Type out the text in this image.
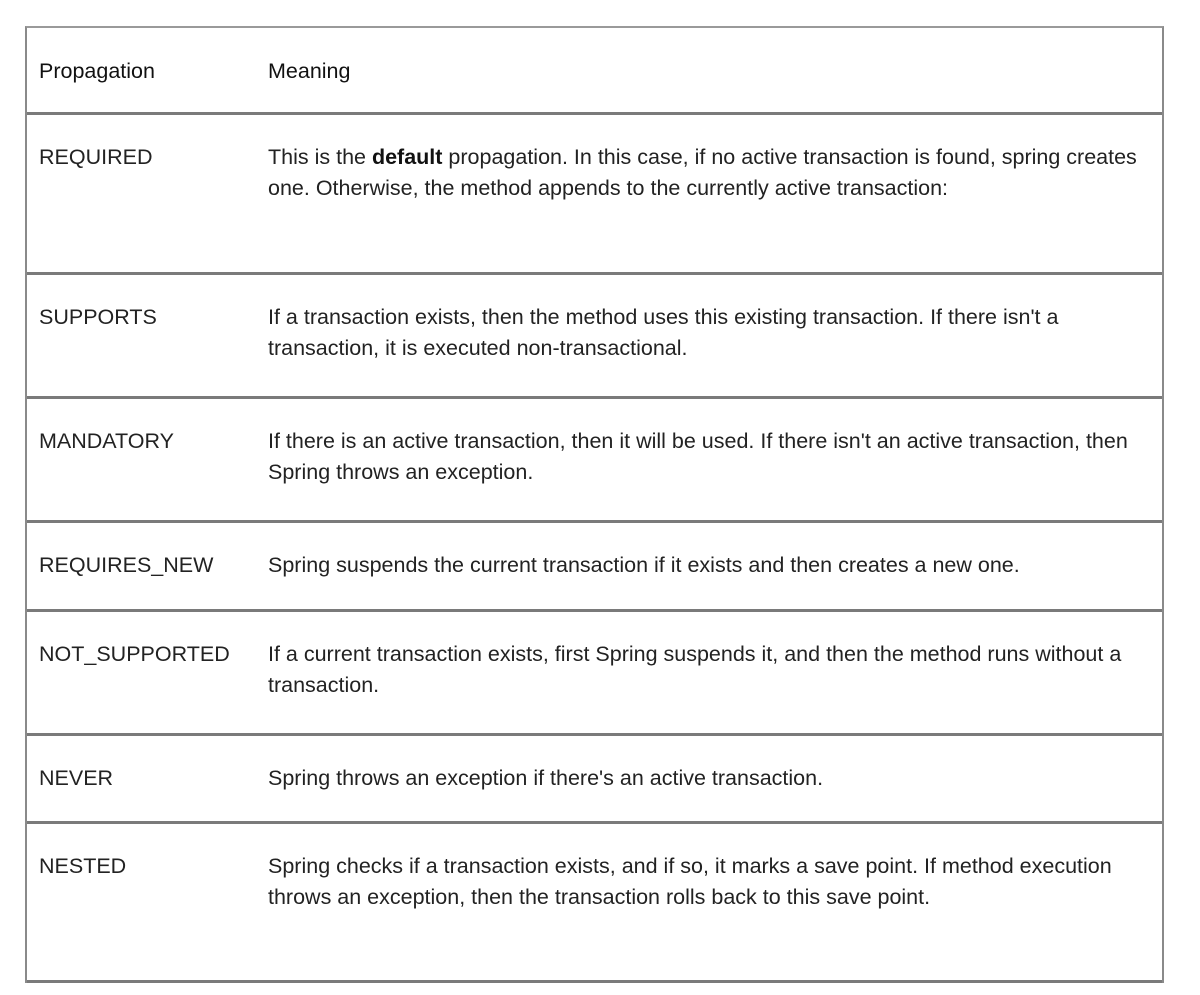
Propagation	Meaning
REQUIRED	This is the default propagation. In this case, if no active transaction is found, spring creates one. Otherwise, the method appends to the currently active transaction:
SUPPORTS	If a transaction exists, then the method uses this existing transaction. If there isn't a transaction, it is executed non-transactional.
MANDATORY	If there is an active transaction, then it will be used. If there isn't an active transaction, then Spring throws an exception.
REQUIRES_NEW	Spring suspends the current transaction if it exists and then creates a new one.
NOT_SUPPORTED	If a current transaction exists, first Spring suspends it, and then the method runs without a transaction.
NEVER	Spring throws an exception if there's an active transaction.
NESTED	Spring checks if a transaction exists, and if so, it marks a save point. If method execution throws an exception, then the transaction rolls back to this save point.
